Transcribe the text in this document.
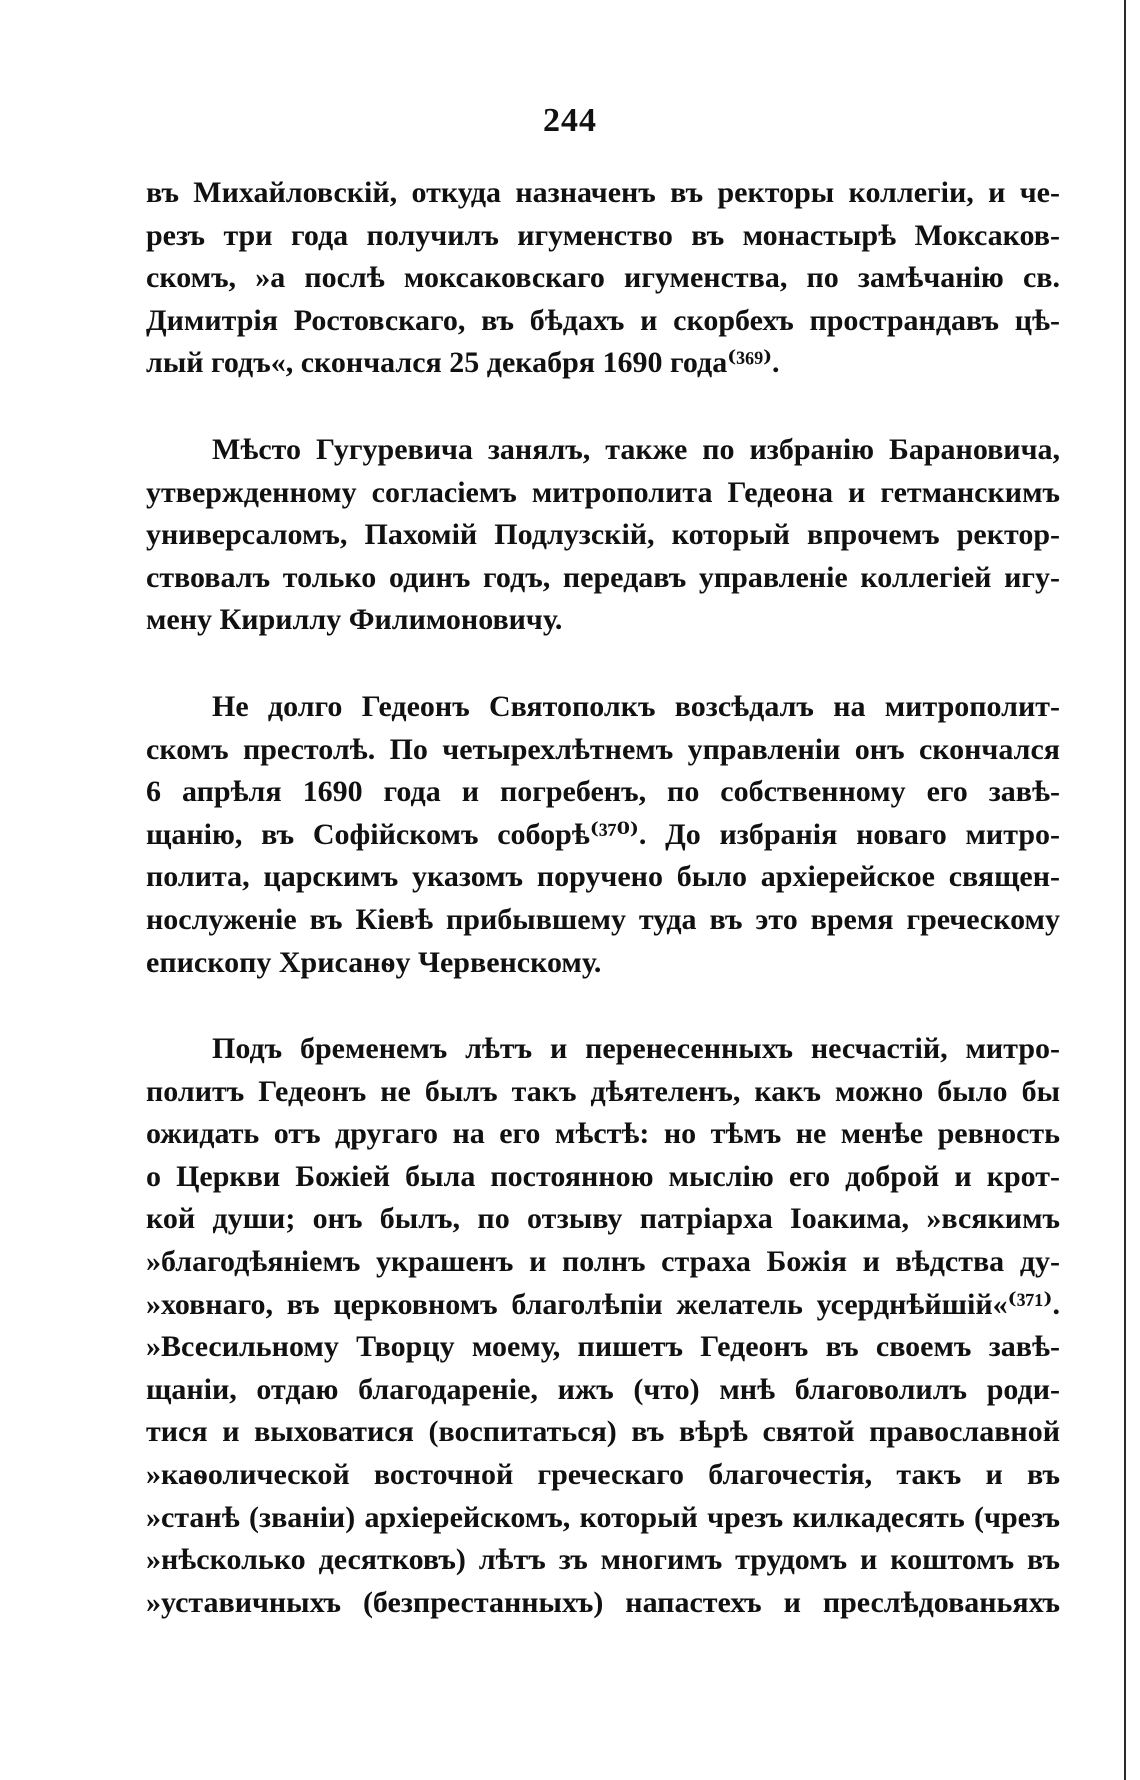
244
въ Михайловскій, откуда назначенъ въ ректоры коллегіи, и че-
резъ три года получилъ игуменство въ монастырѣ Моксаков-
скомъ, »а послѣ моксаковскаго игуменства, по замѣчанію св.
Димитрія Ростовскаго, въ бѣдахъ и скорбехъ пространдавъ цѣ-
лый годъ«, скончался 25 декабря 1690 года⁽³⁶⁹⁾.
Мѣсто Гугуревича занялъ, также по избранію Барановича,
утвержденному согласіемъ митрополита Гедеона и гетманскимъ
универсаломъ, Пахомій Подлузскій, который впрочемъ ректор-
ствовалъ только одинъ годъ, передавъ управленіе коллегіей игу-
мену Кириллу Филимоновичу.
Не долго Гедеонъ Святополкъ возсѣдалъ на митрополит-
скомъ престолѣ. По четырехлѣтнемъ управленіи онъ скончался
6 апрѣля 1690 года и погребенъ, по собственному его завѣ-
щанію, въ Софійскомъ соборѣ⁽³⁷⁰⁾. До избранія новаго митро-
полита, царскимъ указомъ поручено было архіерейское священ-
нослуженіе въ Кіевѣ прибывшему туда въ это время греческому
епископу Хрисанѳу Червенскому.
Подъ бременемъ лѣтъ и перенесенныхъ несчастій, митро-
политъ Гедеонъ не былъ такъ дѣятеленъ, какъ можно было бы
ожидать отъ другаго на его мѣстѣ: но тѣмъ не менѣе ревность
о Церкви Божіей была постоянною мыслію его доброй и крот-
кой души; онъ былъ, по отзыву патріарха Іоакима, »всякимъ
»благодѣяніемъ украшенъ и полнъ страха Божія и вѣдства ду-
»ховнаго, въ церковномъ благолѣпіи желатель усерднѣйшій«⁽³⁷¹⁾.
»Всесильному Творцу моему, пишетъ Гедеонъ въ своемъ завѣ-
щаніи, отдаю благодареніе, ижъ (что) мнѣ благоволилъ роди-
тися и выховатися (воспитаться) въ вѣрѣ святой православной
»каѳолической восточной греческаго благочестія, такъ и въ
»станѣ (званіи) архіерейскомъ, который чрезъ килкадесять (чрезъ
»нѣсколько десятковъ) лѣтъ зъ многимъ трудомъ и коштомъ въ
»уставичныхъ (безпрестанныхъ) напастехъ и преслѣдованьяхъ
